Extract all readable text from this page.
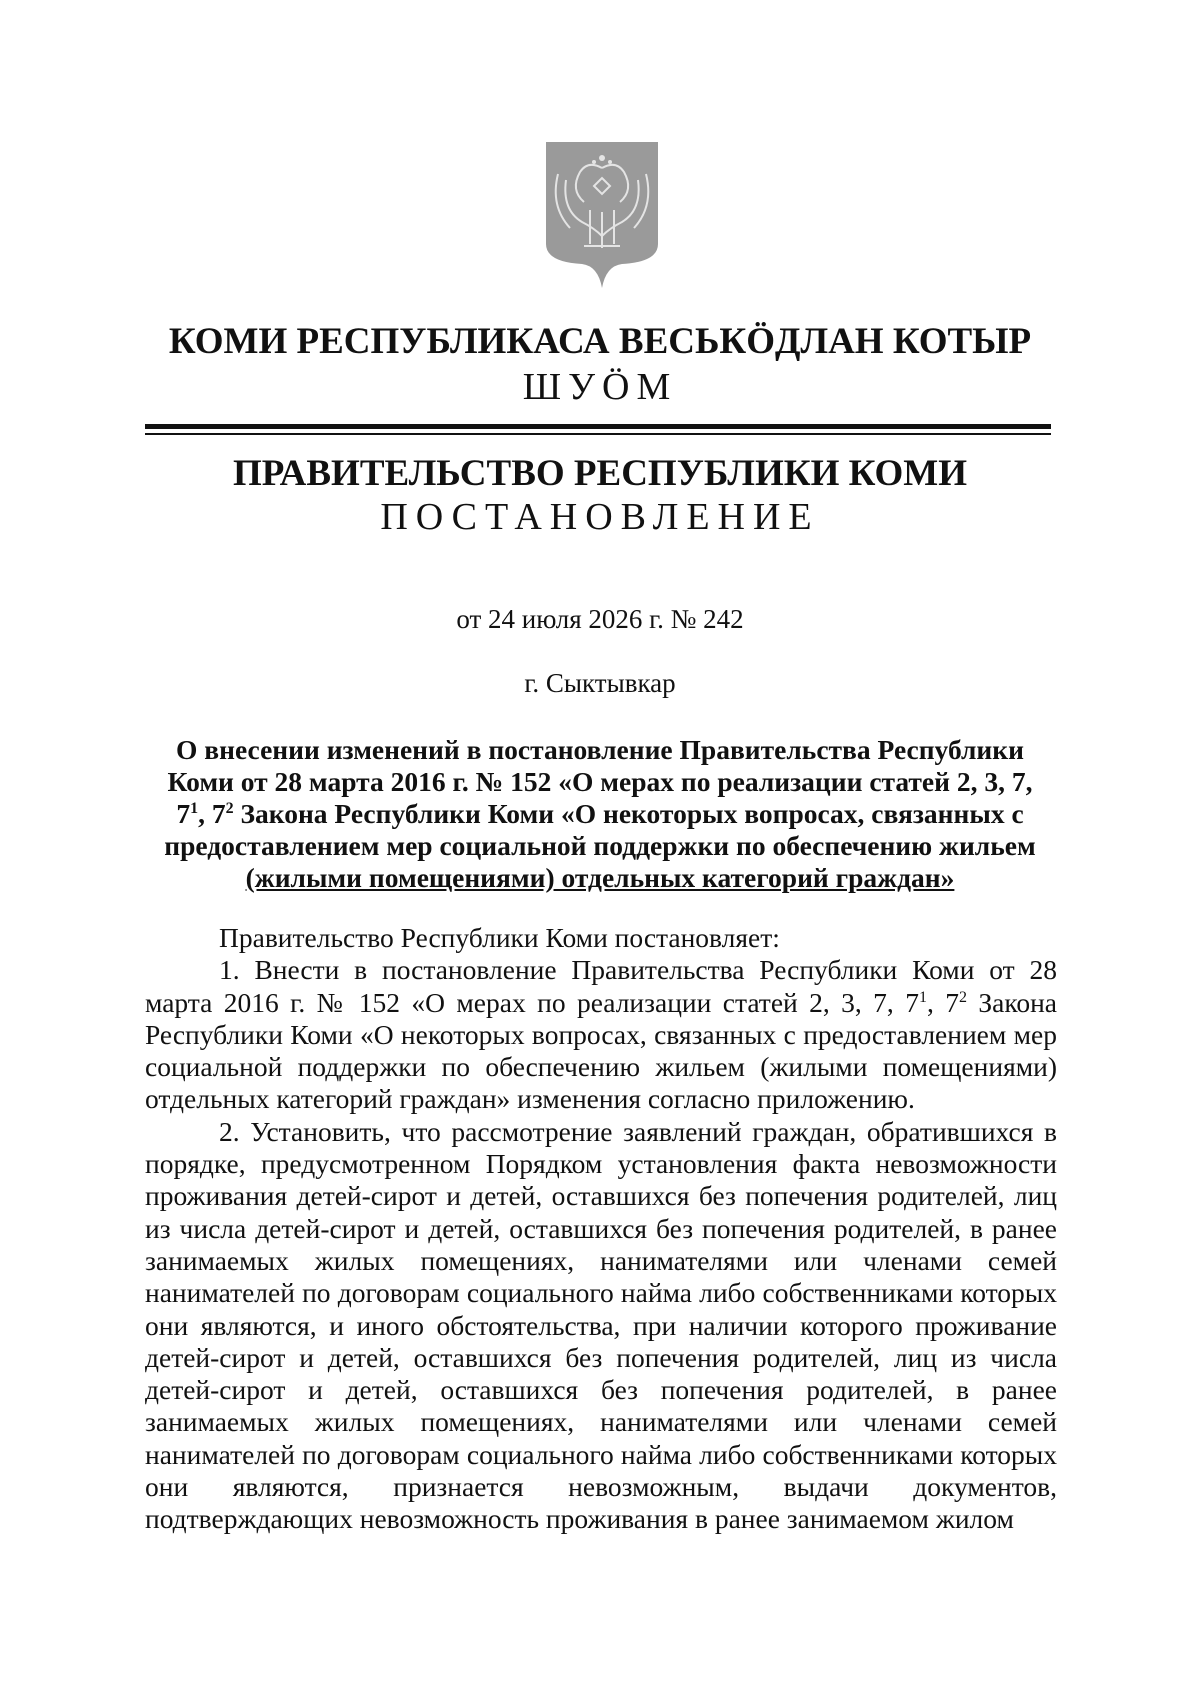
КОМИ РЕСПУБЛИКАСА ВЕСЬКӦДЛАН КОТЫР
ШУӦМ
ПРАВИТЕЛЬСТВО РЕСПУБЛИКИ КОМИ
ПОСТАНОВЛЕНИЕ
от 24 июля 2026 г. № 242
г. Сыктывкар
О внесении изменений в постановление Правительства Республики
Коми от 28 марта 2016 г. № 152 «О мерах по реализации статей 2, 3, 7,
$7^1$, $7^2$ Закона Республики Коми «О некоторых вопросах, связанных с
предоставлением мер социальной поддержки по обеспечению жильем
(жилыми помещениями) отдельных категорий граждан»

Правительство Республики Коми постановляет:

1. Внести в постановление Правительства Республики Коми от 28 марта 2016 г. № 152 «О мерах по реализации статей 2, 3, 7, $7^1$, $7^2$ Закона Республики Коми «О некоторых вопросах, связанных с предоставлением мер социальной поддержки по обеспечению жильем (жилыми помещениями) отдельных категорий граждан» изменения согласно приложению.

2. Установить, что рассмотрение заявлений граждан, обратившихся в порядке, предусмотренном Порядком установления факта невозможности проживания детей-сирот и детей, оставшихся без попечения родителей, лиц из числа детей-сирот и детей, оставшихся без попечения родителей, в ранее занимаемых жилых помещениях, нанимателями или членами семей нанимателей по договорам социального найма либо собственниками которых они являются, и иного обстоятельства, при наличии которого проживание детей-сирот и детей, оставшихся без попечения родителей, лиц из числа детей-сирот и детей, оставшихся без попечения родителей, в ранее занимаемых жилых помещениях, нанимателями или членами семей нанимателей по договорам социального найма либо собственниками которых они являются, признается невозможным, выдачи документов, подтверждающих невозможность проживания в ранее занимаемом жилом
